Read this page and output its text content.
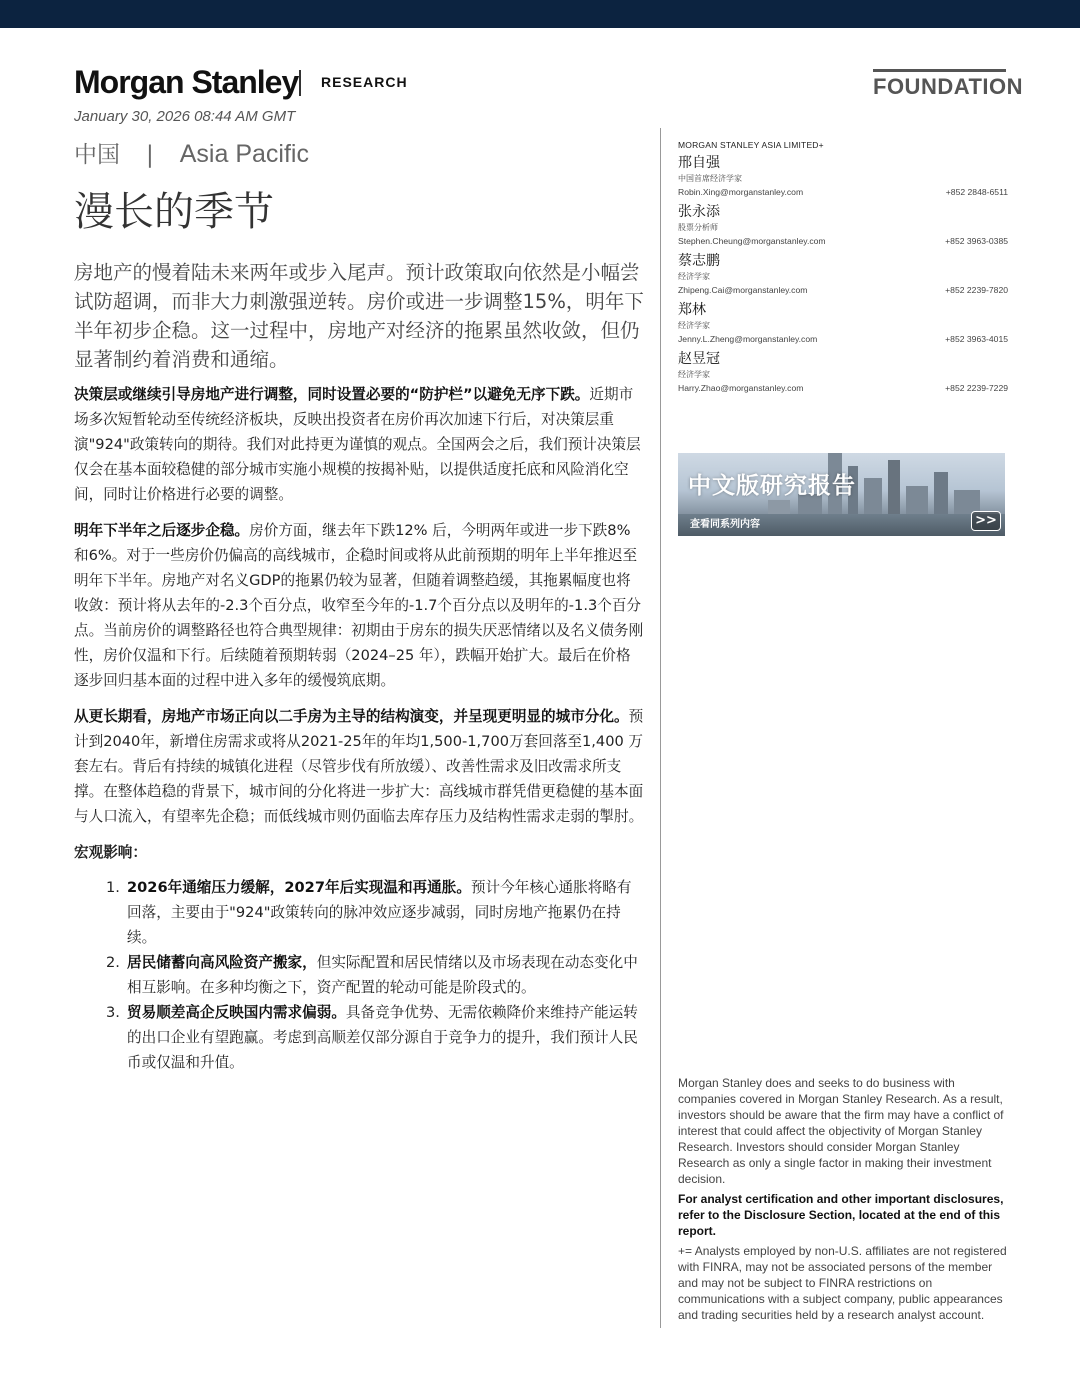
Morgan Stanley RESEARCH	FOUNDATION
January 30, 2026 08:44 AM GMT
中国 | Asia Pacific
漫长的季节
房地产的慢着陆未来两年或步入尾声。预计政策取向依然是小幅尝试防超调，而非大力刺激强逆转。房价或进一步调整15%，明年下半年初步企稳。这一过程中，房地产对经济的拖累虽然收敛，但仍显著制约着消费和通缩。

决策层或继续引导房地产进行调整，同时设置必要的“防护栏”以避免无序下跌。近期市场多次短暂轮动至传统经济板块，反映出投资者在房价再次加速下行后，对决策层重演"924"政策转向的期待。我们对此持更为谨慎的观点。全国两会之后，我们预计决策层仅会在基本面较稳健的部分城市实施小规模的按揭补贴，以提供适度托底和风险消化空间，同时让价格进行必要的调整。

明年下半年之后逐步企稳。房价方面，继去年下跌12% 后，今明两年或进一步下跌8%和6%。对于一些房价仍偏高的高线城市，企稳时间或将从此前预期的明年上半年推迟至明年下半年。房地产对名义GDP的拖累仍较为显著，但随着调整趋缓，其拖累幅度也将收敛：预计将从去年的-2.3个百分点，收窄至今年的-1.7个百分点以及明年的-1.3个百分点。当前房价的调整路径也符合典型规律：初期由于房东的损失厌恶情绪以及名义债务刚性，房价仅温和下行。后续随着预期转弱（2024–25 年），跌幅开始扩大。最后在价格逐步回归基本面的过程中进入多年的缓慢筑底期。

从更长期看，房地产市场正向以二手房为主导的结构演变，并呈现更明显的城市分化。预计到2040年，新增住房需求或将从2021-25年的年均1,500-1,700万套回落至1,400 万套左右。背后有持续的城镇化进程（尽管步伐有所放缓）、改善性需求及旧改需求所支撑。在整体趋稳的背景下，城市间的分化将进一步扩大：高线城市群凭借更稳健的基本面与人口流入，有望率先企稳；而低线城市则仍面临去库存压力及结构性需求走弱的掣肘。

宏观影响：

1. 2026年通缩压力缓解，2027年后实现温和再通胀。预计今年核心通胀将略有回落，主要由于"924"政策转向的脉冲效应逐步减弱，同时房地产拖累仍在持续。
2. 居民储蓄向高风险资产搬家，但实际配置和居民情绪以及市场表现在动态变化中相互影响。在多种均衡之下，资产配置的轮动可能是阶段式的。
3. 贸易顺差高企反映国内需求偏弱。具备竞争优势、无需依赖降价来维持产能运转的出口企业有望跑赢。考虑到高顺差仅部分源自于竞争力的提升，我们预计人民币或仅温和升值。
MORGAN STANLEY ASIA LIMITED+
邢自强
中国首席经济学家
Robin.Xing@morganstanley.com	+852 2848-6511
张永添
股票分析师
Stephen.Cheung@morganstanley.com	+852 3963-0385
蔡志鹏
经济学家
Zhipeng.Cai@morganstanley.com	+852 2239-7820
郑林
经济学家
Jenny.L.Zheng@morganstanley.com	+852 3963-4015
赵昱冠
经济学家
Harry.Zhao@morganstanley.com	+852 2239-7229
中文版研究报告
查看同系列内容	>>

Morgan Stanley does and seeks to do business with companies covered in Morgan Stanley Research. As a result, investors should be aware that the firm may have a conflict of interest that could affect the objectivity of Morgan Stanley Research. Investors should consider Morgan Stanley Research as only a single factor in making their investment decision.

For analyst certification and other important disclosures, refer to the Disclosure Section, located at the end of this report.

+= Analysts employed by non-U.S. affiliates are not registered with FINRA, may not be associated persons of the member and may not be subject to FINRA restrictions on communications with a subject company, public appearances and trading securities held by a research analyst account.
